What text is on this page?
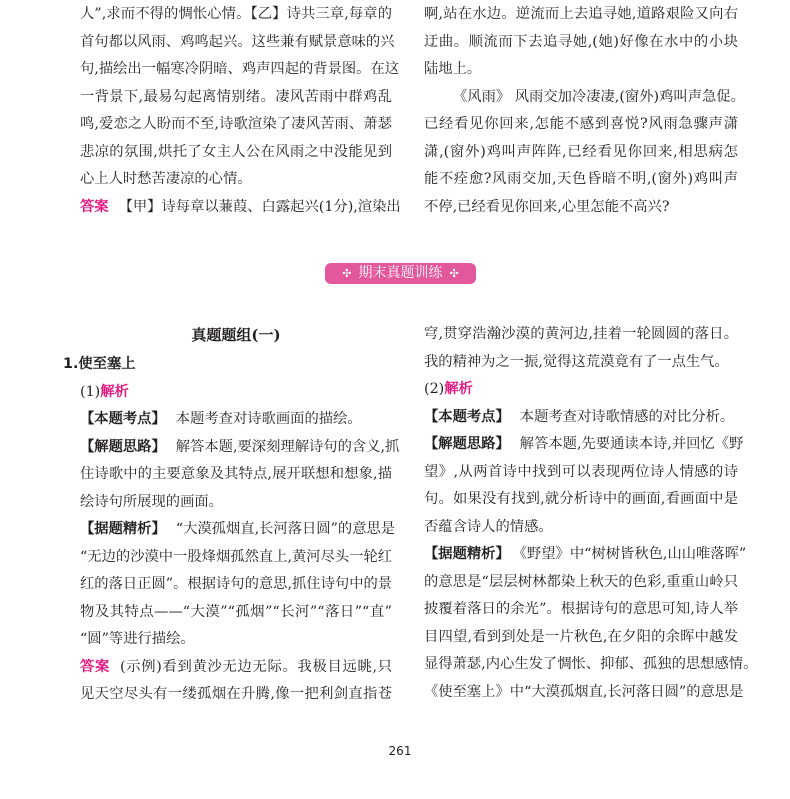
人”,求而不得的惆怅心情。【乙】诗共三章,每章的
首句都以风雨、鸡鸣起兴。这些兼有赋景意味的兴
句,描绘出一幅寒冷阴暗、鸡声四起的背景图。在这
一背景下,最易勾起离情别绪。凄风苦雨中群鸡乱
鸣,爱恋之人盼而不至,诗歌渲染了凄风苦雨、萧瑟
悲凉的氛围,烘托了女主人公在风雨之中没能见到
心上人时愁苦凄凉的心情。
答案 【甲】诗每章以蒹葭、白露起兴(1分),渲染出
啊,站在水边。逆流而上去追寻她,道路艰险又向右
迂曲。顺流而下去追寻她,(她)好像在水中的小块
陆地上。
《风雨》 风雨交加冷凄凄,(窗外)鸡叫声急促。
已经看见你回来,怎能不感到喜悦?风雨急骤声潇
潇,(窗外)鸡叫声阵阵,已经看见你回来,相思病怎
能不痊愈?风雨交加,天色昏暗不明,(窗外)鸡叫声
不停,已经看见你回来,心里怎能不高兴?
✣ 期末真题训练 ✣
真题题组(一)
1.使至塞上
(1)解析
【本题考点】 本题考查对诗歌画面的描绘。
【解题思路】 解答本题,要深刻理解诗句的含义,抓
住诗歌中的主要意象及其特点,展开联想和想象,描
绘诗句所展现的画面。
【据题精析】 “大漠孤烟直,长河落日圆”的意思是
“无边的沙漠中一股烽烟孤然直上,黄河尽头一轮红
红的落日正圆”。根据诗句的意思,抓住诗句中的景
物及其特点——“大漠”“孤烟”“长河”“落日”“直”
“圆”等进行描绘。
答案 (示例)看到黄沙无边无际。我极目远眺,只
见天空尽头有一缕孤烟在升腾,像一把利剑直指苍
穹,贯穿浩瀚沙漠的黄河边,挂着一轮圆圆的落日。
我的精神为之一振,觉得这荒漠竟有了一点生气。
(2)解析
【本题考点】 本题考查对诗歌情感的对比分析。
【解题思路】 解答本题,先要通读本诗,并回忆《野
望》,从两首诗中找到可以表现两位诗人情感的诗
句。如果没有找到,就分析诗中的画面,看画面中是
否蕴含诗人的情感。
【据题精析】 《野望》中“树树皆秋色,山山唯落晖”
的意思是“层层树林都染上秋天的色彩,重重山岭只
披覆着落日的余光”。根据诗句的意思可知,诗人举
目四望,看到到处是一片秋色,在夕阳的余晖中越发
显得萧瑟,内心生发了惆怅、抑郁、孤独的思想感情。
《使至塞上》中“大漠孤烟直,长河落日圆”的意思是
261
